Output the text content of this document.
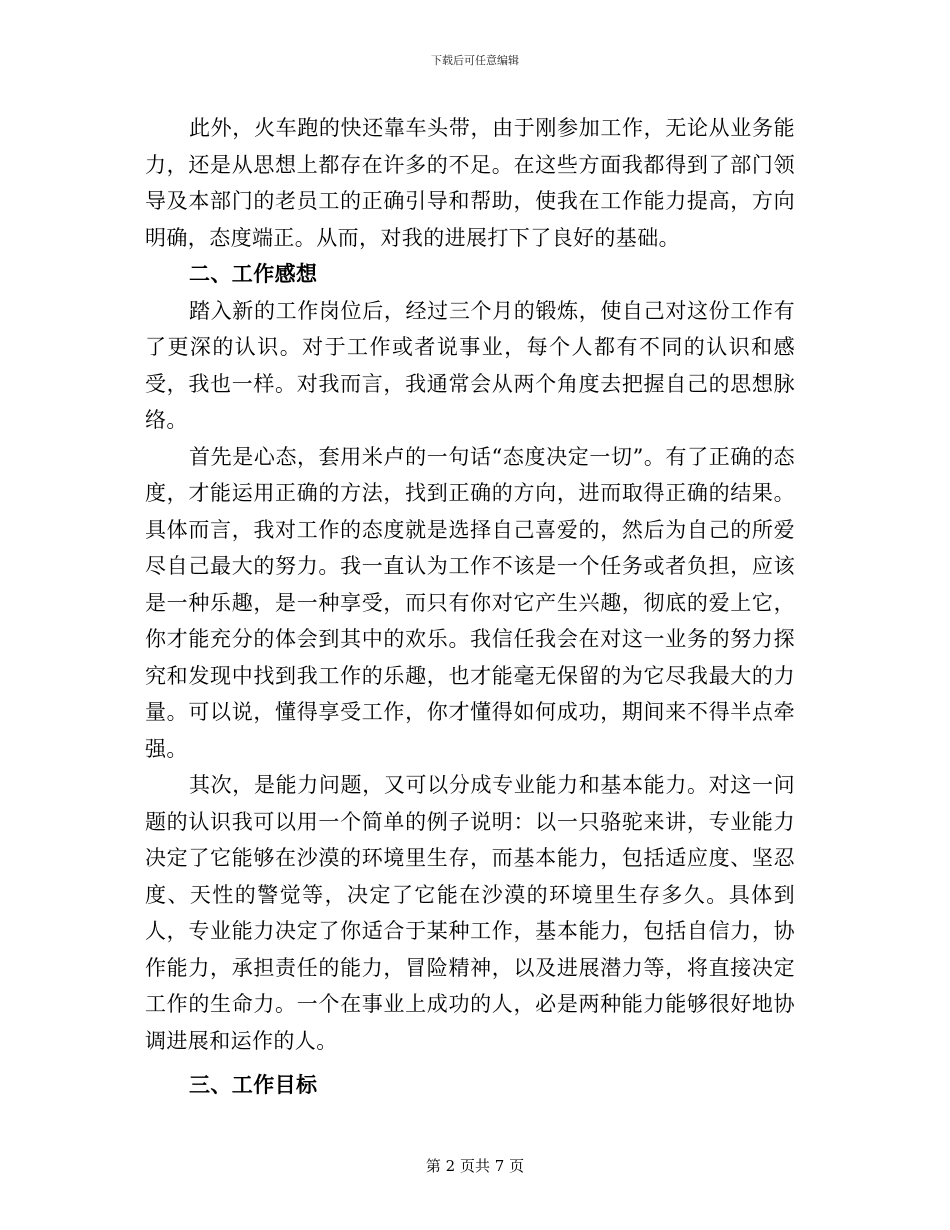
下载后可任意编辑

此外，火车跑的快还靠车头带，由于刚参加工作，无论从业务能力，还是从思想上都存在许多的不足。在这些方面我都得到了部门领导及本部门的老员工的正确引导和帮助，使我在工作能力提高，方向明确，态度端正。从而，对我的进展打下了良好的基础。

二、工作感想

踏入新的工作岗位后，经过三个月的锻炼，使自己对这份工作有了更深的认识。对于工作或者说事业，每个人都有不同的认识和感受，我也一样。对我而言，我通常会从两个角度去把握自己的思想脉络。

首先是心态，套用米卢的一句话“态度决定一切”。有了正确的态度，才能运用正确的方法，找到正确的方向，进而取得正确的结果。具体而言，我对工作的态度就是选择自己喜爱的，然后为自己的所爱尽自己最大的努力。我一直认为工作不该是一个任务或者负担，应该是一种乐趣，是一种享受，而只有你对它产生兴趣，彻底的爱上它，你才能充分的体会到其中的欢乐。我信任我会在对这一业务的努力探究和发现中找到我工作的乐趣，也才能毫无保留的为它尽我最大的力量。可以说，懂得享受工作，你才懂得如何成功，期间来不得半点牵强。

其次，是能力问题，又可以分成专业能力和基本能力。对这一问题的认识我可以用一个简单的例子说明：以一只骆驼来讲，专业能力决定了它能够在沙漠的环境里生存，而基本能力，包括适应度、坚忍度、天性的警觉等，决定了它能在沙漠的环境里生存多久。具体到人，专业能力决定了你适合于某种工作，基本能力，包括自信力，协作能力，承担责任的能力，冒险精神，以及进展潜力等，将直接决定工作的生命力。一个在事业上成功的人，必是两种能力能够很好地协调进展和运作的人。

三、工作目标

第 2 页共 7 页
